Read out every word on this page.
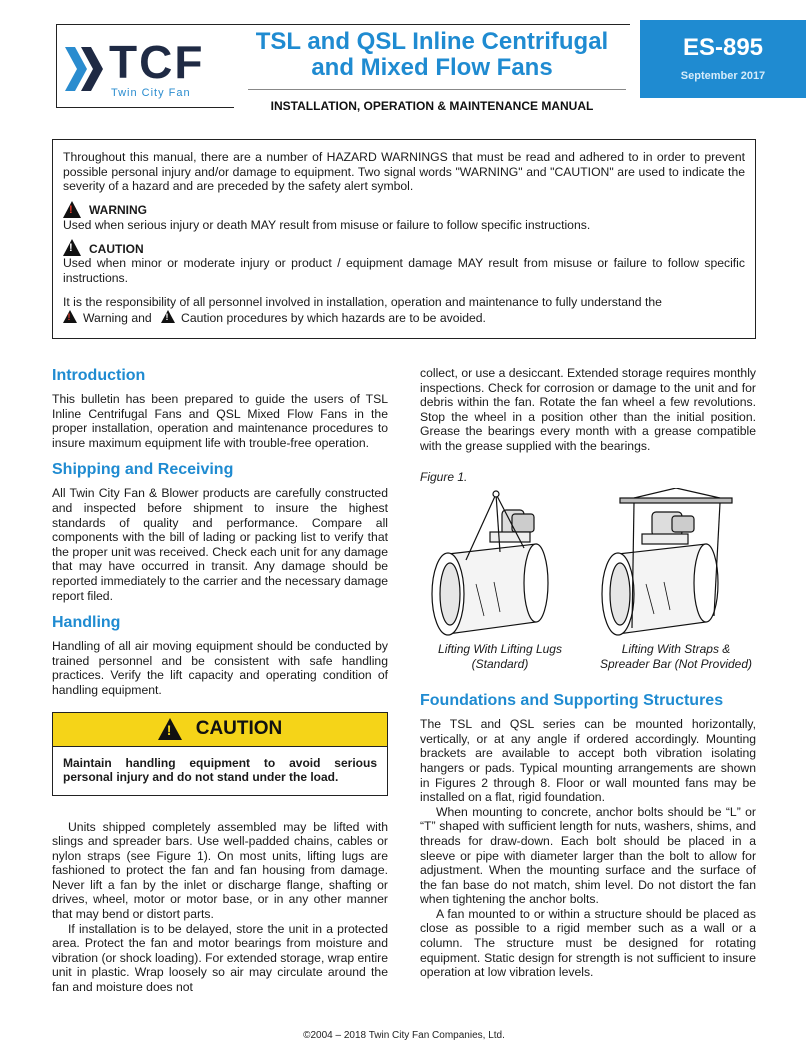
TCF
Twin City Fan
TSL and QSL Inline Centrifugal
and Mixed Flow Fans
INSTALLATION, OPERATION & MAINTENANCE MANUAL
ES-895
September 2017

Throughout this manual, there are a number of HAZARD WARNINGS that must be read and adhered to in order to prevent possible personal injury and/or damage to equipment. Two signal words "WARNING" and "CAUTION" are used to indicate the severity of a hazard and are preceded by the safety alert symbol.

!
WARNING

Used when serious injury or death MAY result from misuse or failure to follow specific instructions.

!
CAUTION

Used when minor or moderate injury or product / equipment damage MAY result from misuse or failure to follow specific instructions.

It is the responsibility of all personnel involved in installation, operation and maintenance to fully understand the
!Warning and ! Caution procedures by which hazards are to be avoided.

Introduction

This bulletin has been prepared to guide the users of TSL Inline Centrifugal Fans and QSL Mixed Flow Fans in the proper installation, operation and maintenance procedures to insure maximum equipment life with trouble-free operation.

Shipping and Receiving

All Twin City Fan & Blower products are carefully constructed and inspected before shipment to insure the highest standards of quality and performance. Compare all components with the bill of lading or packing list to verify that the proper unit was received. Check each unit for any damage that may have occurred in transit. Any damage should be reported immediately to the carrier and the necessary damage report filed.

Handling

Handling of all air moving equipment should be conducted by trained personnel and be consistent with safe handling practices. Verify the lift capacity and operating condition of handling equipment.

!
CAUTION
Maintain handling equipment to avoid serious personal injury and do not stand under the load.

Units shipped completely assembled may be lifted with slings and spreader bars. Use well-padded chains, cables or nylon straps (see Figure 1). On most units, lifting lugs are fashioned to protect the fan and fan housing from damage. Never lift a fan by the inlet or discharge flange, shafting or drives, wheel, motor or motor base, or in any other manner that may bend or distort parts.

If installation is to be delayed, store the unit in a protected area. Protect the fan and motor bearings from moisture and vibration (or shock loading). For extended storage, wrap entire unit in plastic. Wrap loosely so air may circulate around the fan and moisture does not

collect, or use a desiccant. Extended storage requires monthly inspections. Check for corrosion or damage to the unit and for debris within the fan. Rotate the fan wheel a few revolutions. Stop the wheel in a position other than the initial position. Grease the bearings every month with a grease compatible with the grease supplied with the bearings.

Figure 1.
Lifting With Lifting Lugs (Standard)
Lifting With Straps & Spreader Bar (Not Provided)
Foundations and Supporting Structures

The TSL and QSL series can be mounted horizontally, vertically, or at any angle if ordered accordingly. Mounting brackets are available to accept both vibration isolating hangers or pads. Typical mounting arrangements are shown in Figures 2 through 8. Floor or wall mounted fans may be installed on a flat, rigid foundation.

When mounting to concrete, anchor bolts should be “L” or “T” shaped with sufficient length for nuts, washers, shims, and threads for draw-down. Each bolt should be placed in a sleeve or pipe with diameter larger than the bolt to allow for adjustment. When the mounting surface and the surface of the fan base do not match, shim level. Do not distort the fan when tightening the anchor bolts.

A fan mounted to or within a structure should be placed as close as possible to a rigid member such as a wall or a column. The structure must be designed for rotating equipment. Static design for strength is not sufficient to insure operation at low vibration levels.

©2004 – 2018 Twin City Fan Companies, Ltd.
